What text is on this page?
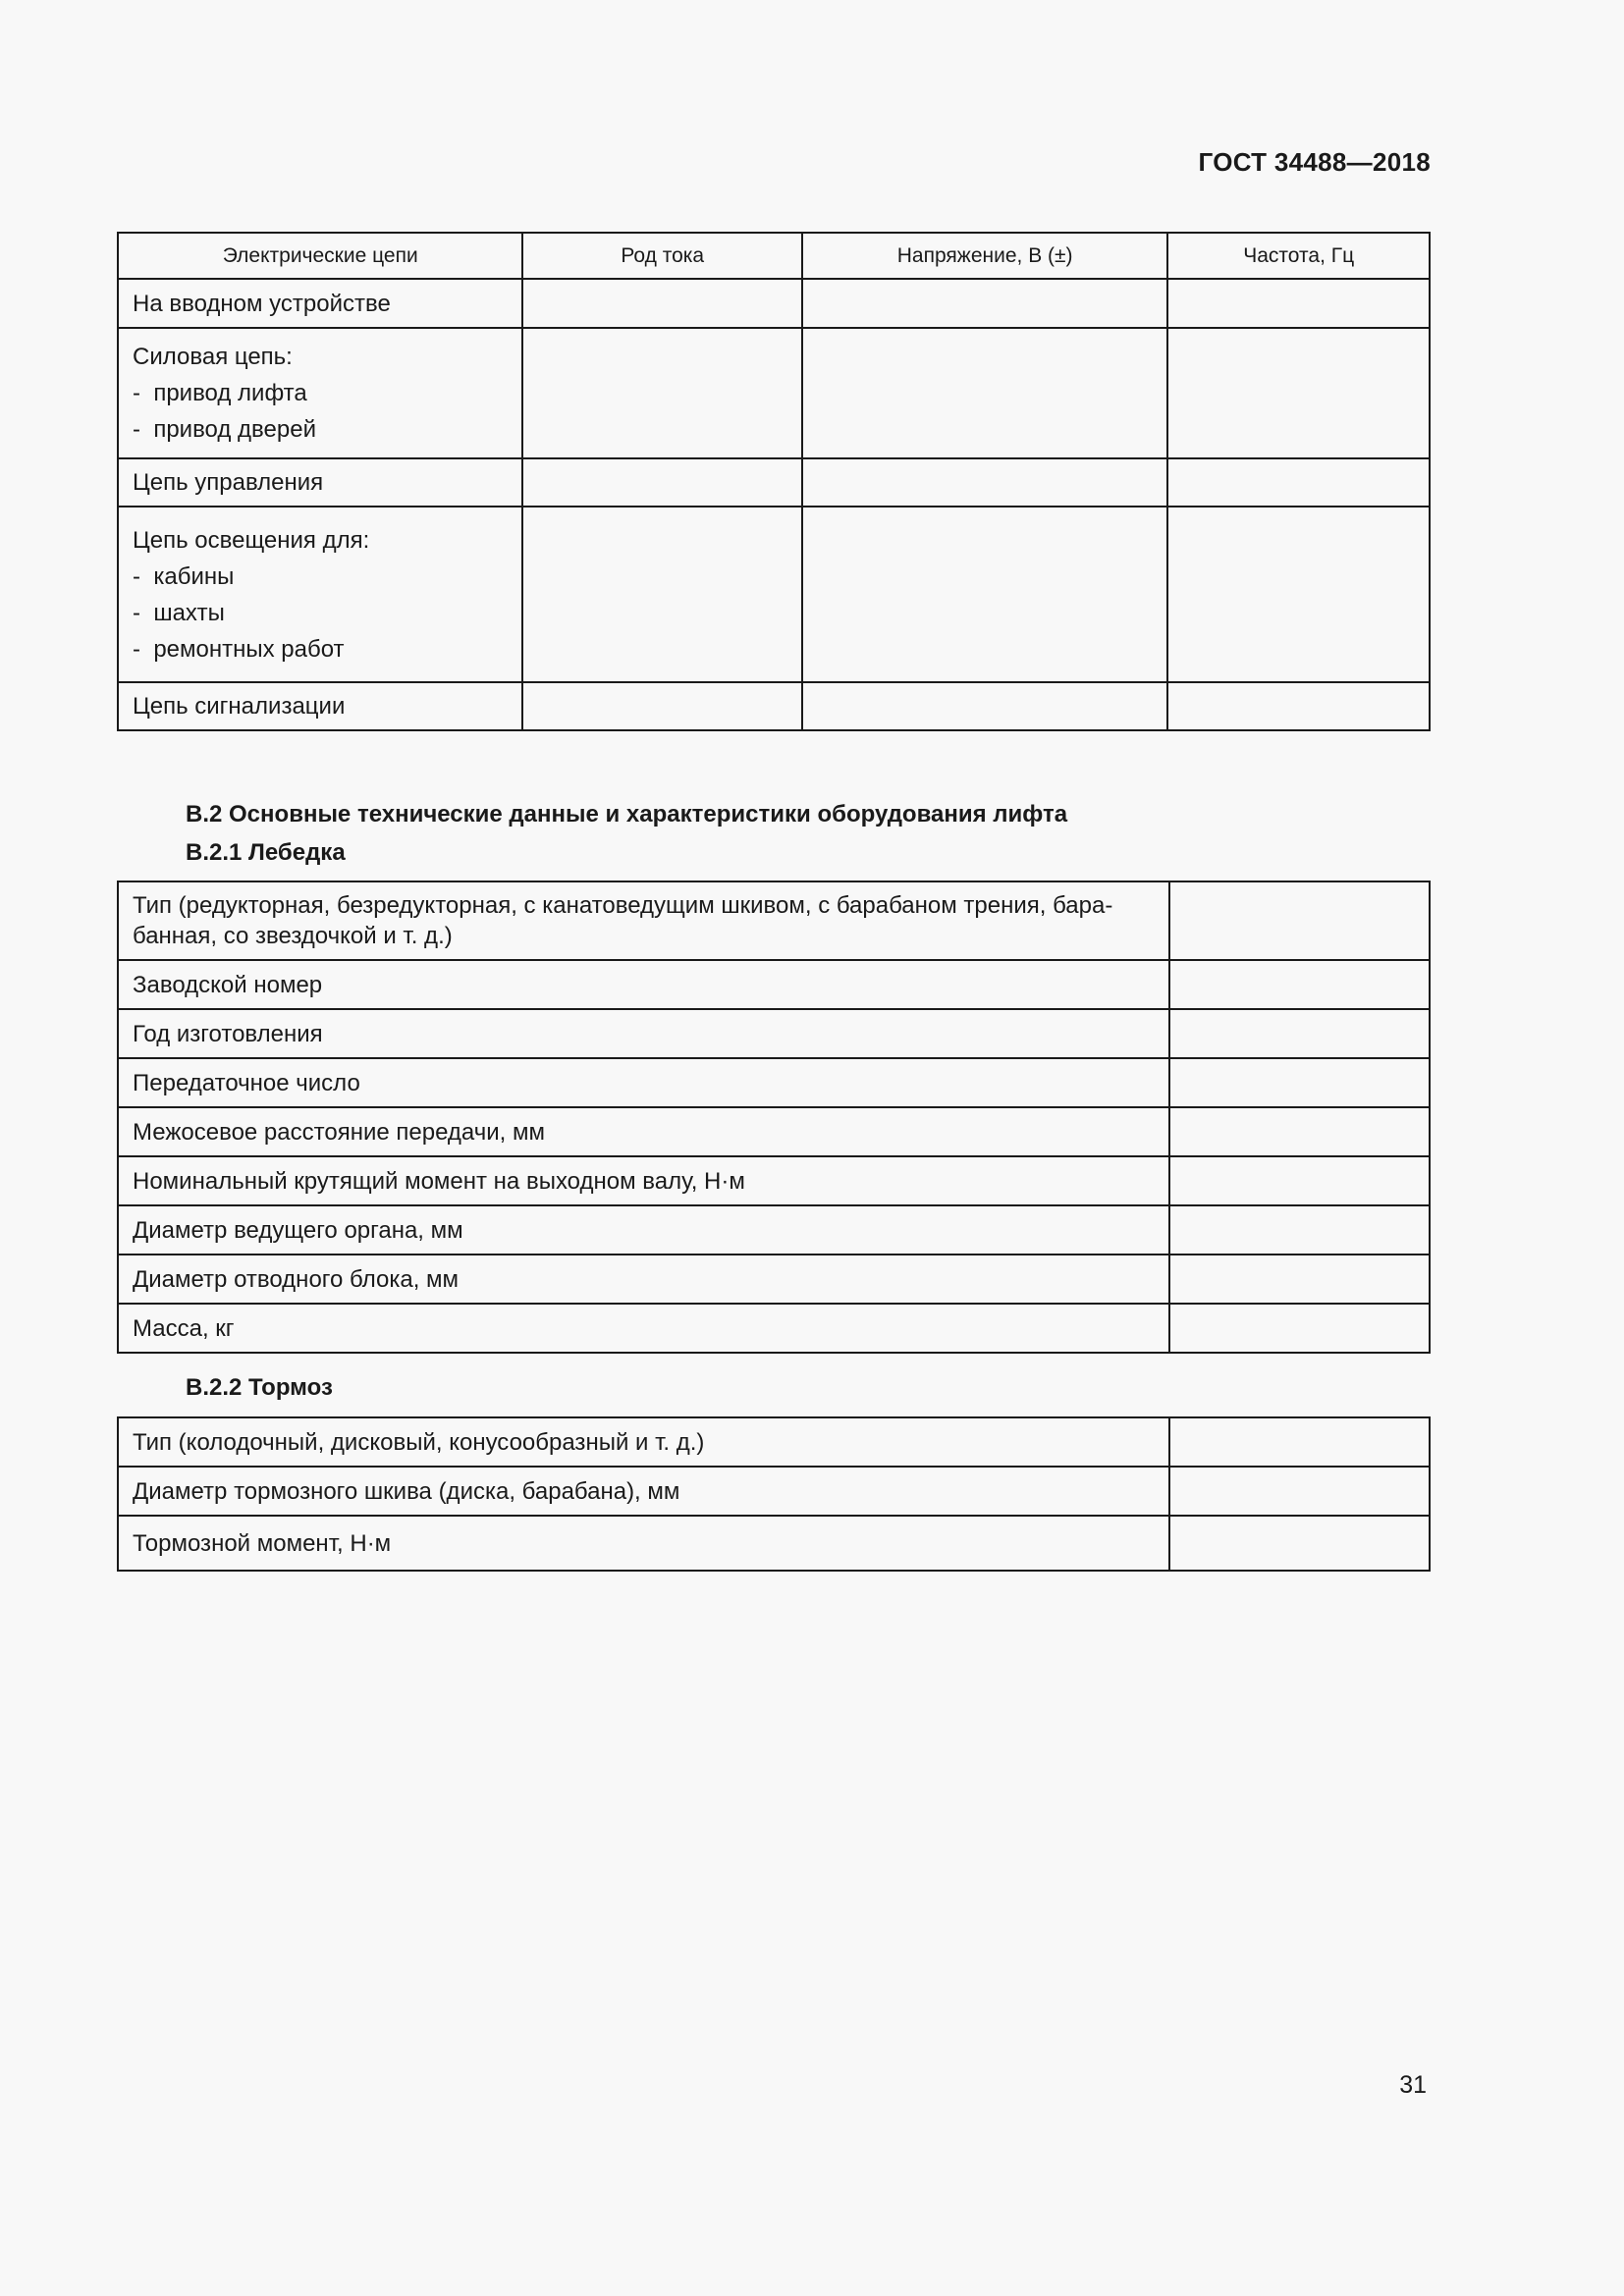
ГОСТ 34488—2018
Электрические цепи	Род тока	Напряжение, В (±)	Частота, Гц
На вводном устройстве			

Силовая цепь:
-  привод лифта
-  привод дверей			

Цепь управления			

Цепь освещения для:
-  кабины
-  шахты
-  ремонтных работ			

Цепь сигнализации			
В.2 Основные технические данные и характеристики оборудования лифта
В.2.1 Лебедка
Тип (редукторная, безредукторная, с канатоведущим шкивом, с барабаном трения, бара-
банная, со звездочкой и т. д.)	

Заводской номер	
Год изготовления	
Передаточное число	
Межосевое расстояние передачи, мм	
Номинальный крутящий момент на выходном валу, Н·м	
Диаметр ведущего органа, мм	
Диаметр отводного блока, мм	
Масса, кг	
В.2.2 Тормоз
Тип (колодочный, дисковый, конусообразный и т. д.)	
Диаметр тормозного шкива (диска, барабана), мм	
Тормозной момент, Н·м	
31
